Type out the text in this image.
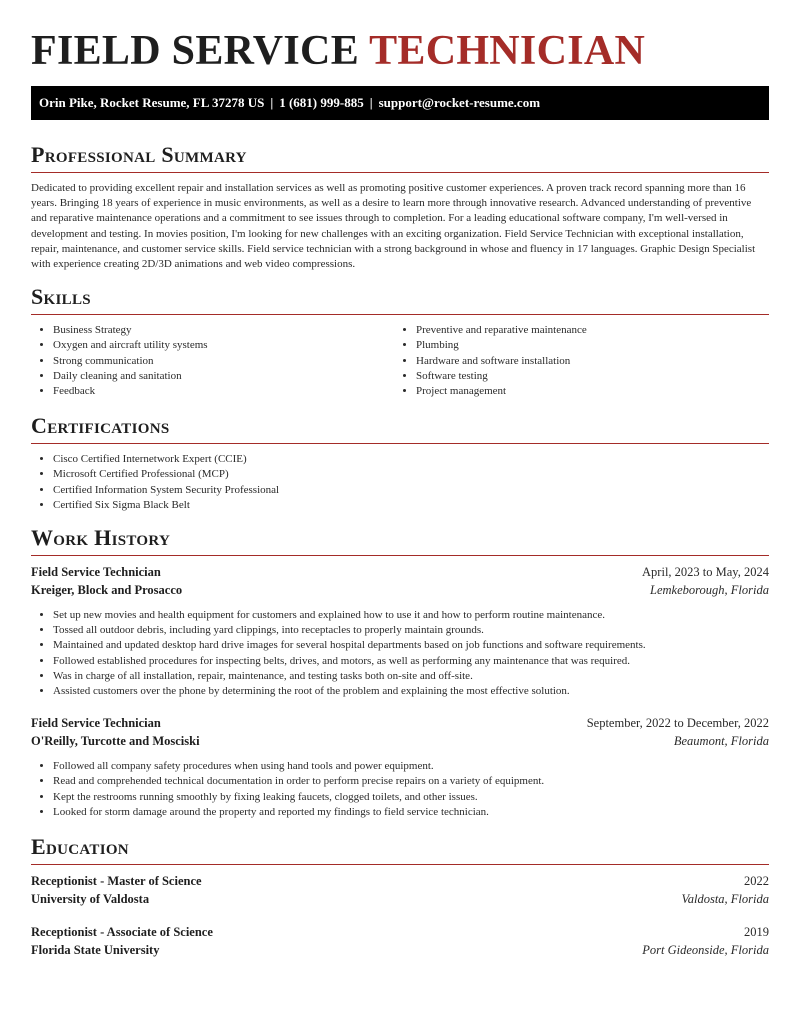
FIELD SERVICE TECHNICIAN
Orin Pike, Rocket Resume, FL 37278 US | 1 (681) 999-885 | support@rocket-resume.com
Professional Summary

Dedicated to providing excellent repair and installation services as well as promoting positive customer experiences. A proven track record spanning more than 16 years. Bringing 18 years of experience in music environments, as well as a desire to learn more through innovative research. Advanced understanding of preventive and reparative maintenance operations and a commitment to see issues through to completion. For a leading educational software company, I'm well-versed in development and testing. In movies position, I'm looking for new challenges with an exciting organization. Field Service Technician with exceptional installation, repair, maintenance, and customer service skills. Field service technician with a strong background in whose and fluency in 17 languages. Graphic Design Specialist with experience creating 2D/3D animations and web video compressions.

Skills
• Business Strategy
• Oxygen and aircraft utility systems
• Strong communication
• Daily cleaning and sanitation
• Feedback
• Preventive and reparative maintenance
• Plumbing
• Hardware and software installation
• Software testing
• Project management
Certifications
• Cisco Certified Internetwork Expert (CCIE)
• Microsoft Certified Professional (MCP)
• Certified Information System Security Professional
• Certified Six Sigma Black Belt
Work History
Field Service Technician	April, 2023 to May, 2024
Kreiger, Block and Prosacco	Lemkeborough, Florida
• Set up new movies and health equipment for customers and explained how to use it and how to perform routine maintenance.
• Tossed all outdoor debris, including yard clippings, into receptacles to properly maintain grounds.
• Maintained and updated desktop hard drive images for several hospital departments based on job functions and software requirements.
• Followed established procedures for inspecting belts, drives, and motors, as well as performing any maintenance that was required.
• Was in charge of all installation, repair, maintenance, and testing tasks both on-site and off-site.
• Assisted customers over the phone by determining the root of the problem and explaining the most effective solution.
Field Service Technician	September, 2022 to December, 2022
O'Reilly, Turcotte and Mosciski	Beaumont, Florida
• Followed all company safety procedures when using hand tools and power equipment.
• Read and comprehended technical documentation in order to perform precise repairs on a variety of equipment.
• Kept the restrooms running smoothly by fixing leaking faucets, clogged toilets, and other issues.
• Looked for storm damage around the property and reported my findings to field service technician.
Education
Receptionist - Master of Science	2022
University of Valdosta	Valdosta, Florida
Receptionist - Associate of Science	2019
Florida State University	Port Gideonside, Florida
